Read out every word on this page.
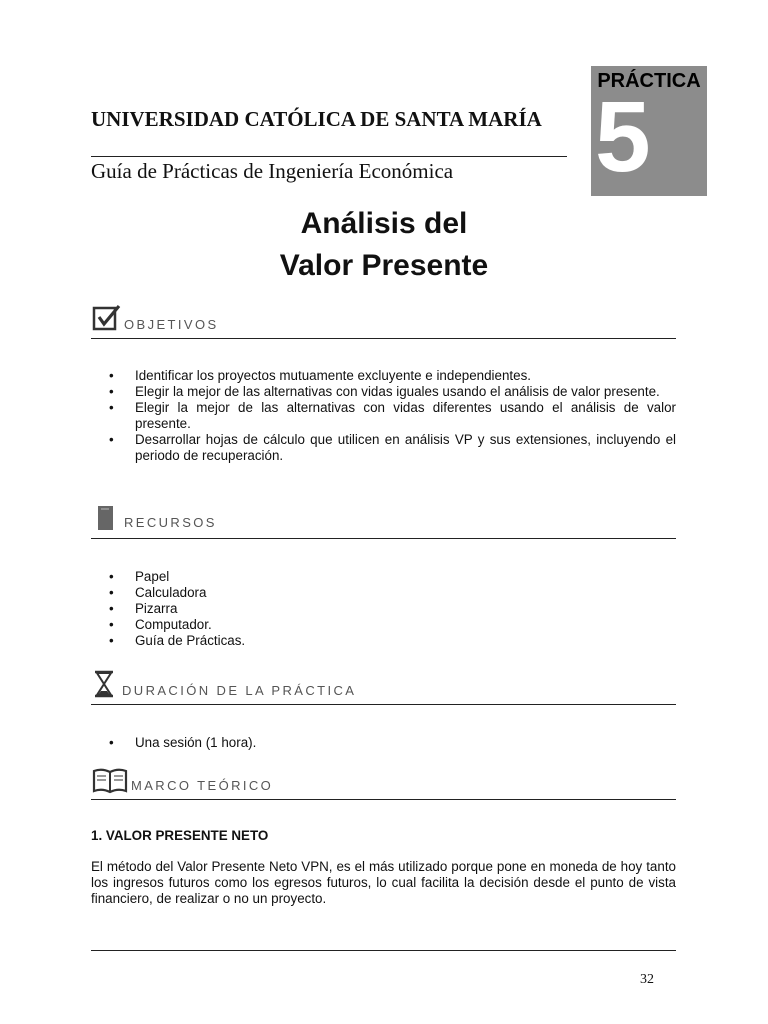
UNIVERSIDAD CATÓLICA DE SANTA MARÍA
Guía de Prácticas de Ingeniería Económica
PRÁCTICA
5
Análisis del
Valor Presente
OBJETIVOS
• Identificar los proyectos mutuamente excluyente e independientes.
• Elegir la mejor de las alternativas con vidas iguales usando el análisis de valor presente.
• Elegir la mejor de las alternativas con vidas diferentes usando el análisis de valor presente.
• Desarrollar hojas de cálculo que utilicen en análisis VP y sus extensiones, incluyendo el periodo de recuperación.
RECURSOS
• Papel
• Calculadora
• Pizarra
• Computador.
• Guía de Prácticas.
DURACIÓN DE LA PRÁCTICA
• Una sesión (1 hora).
MARCO TEÓRICO
1. VALOR PRESENTE NETO
El método del Valor Presente Neto VPN, es el más utilizado porque pone en moneda de hoy tanto los ingresos futuros como los egresos futuros, lo cual facilita la decisión desde el punto de vista financiero, de realizar o no un proyecto.
32
